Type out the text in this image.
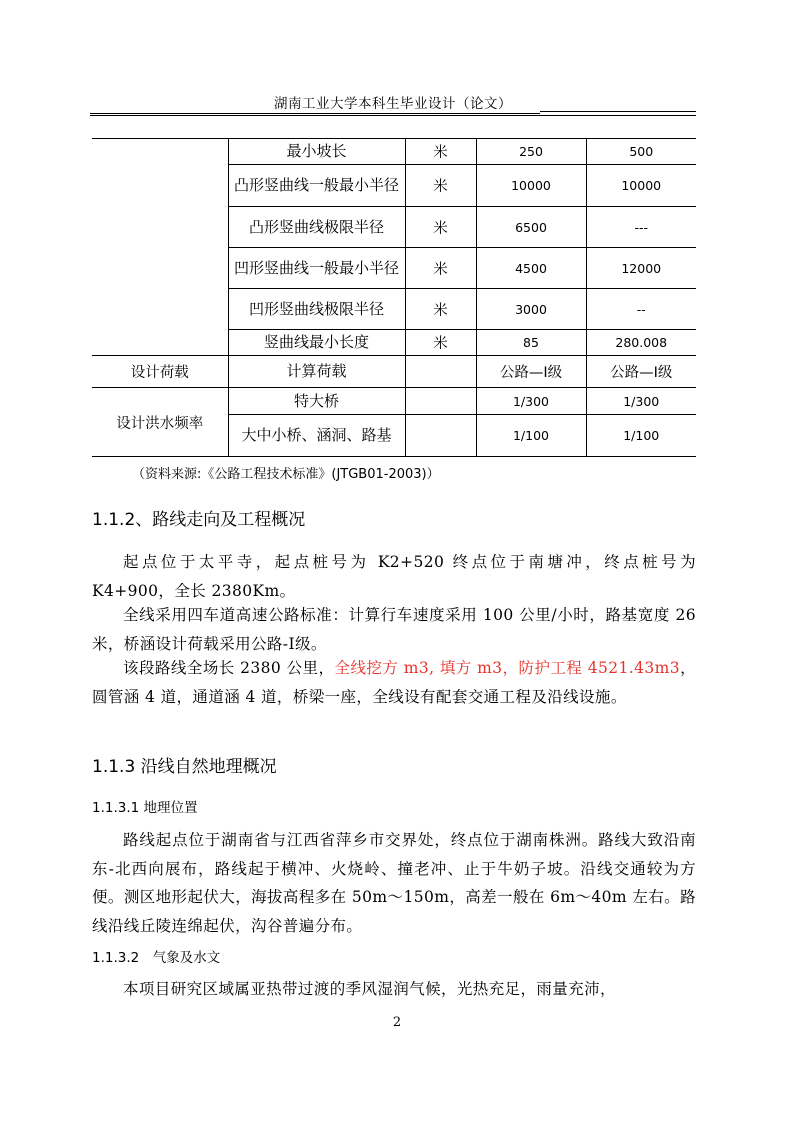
湖南工业大学本科生毕业设计（论文）

	最小坡长	米	250	500

	凸形竖曲线一般最小半径	米	10000	10000

	凸形竖曲线极限半径	米	6500	---

	凹形竖曲线一般最小半径	米	4500	12000

	凹形竖曲线极限半径	米	3000	--

	竖曲线最小长度	米	85	280.008
设计荷载	计算荷载		公路—I级	公路—I级
设计洪水频率	特大桥		1/300	1/300

	大中小桥、涵洞、路基		1/100	1/100
（资料来源:《公路工程技术标准》(JTGB01-2003)）
1.1.2、路线走向及工程概况
起点位于太平寺，起点桩号为 K2+520 终点位于南塘冲，终点桩号为 K4+900，全长 2380Km。
全线采用四车道高速公路标准：计算行车速度采用 100 公里/小时，路基宽度 26 米，桥涵设计荷载采用公路-Ⅰ级。
该段路线全场长 2380 公里，全线挖方 m3, 填方 m3，防护工程 4521.43m3，圆管涵 4 道，通道涵 4 道，桥梁一座，全线设有配套交通工程及沿线设施。
1.1.3 沿线自然地理概况
1.1.3.1 地理位置
路线起点位于湖南省与江西省萍乡市交界处，终点位于湖南株洲。路线大致沿南东-北西向展布，路线起于横冲、火烧岭、撞老冲、止于牛奶子坡。沿线交通较为方便。测区地形起伏大，海拔高程多在 50m～150m，高差一般在 6m～40m 左右。路线沿线丘陵连绵起伏，沟谷普遍分布。
1.1.3.2　气象及水文
本项目研究区域属亚热带过渡的季风湿润气候，光热充足，雨量充沛，
2
